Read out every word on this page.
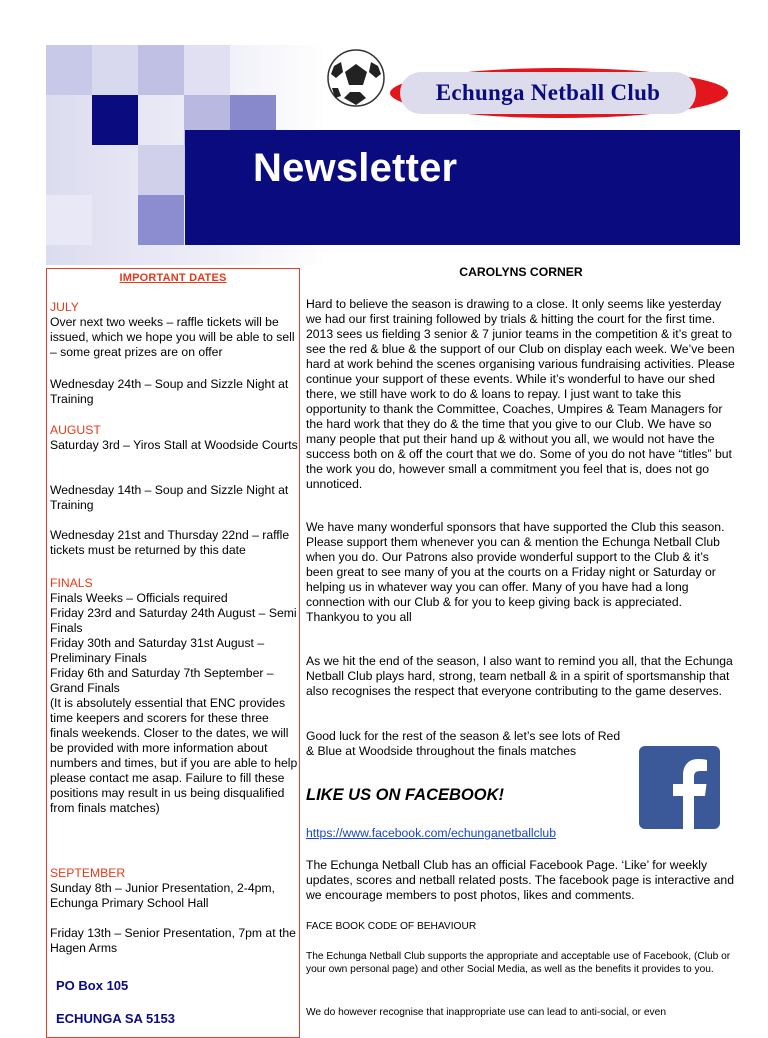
Echunga Netball Club
Newsletter
IMPORTANT DATES

JULY

Over next two weeks – raffle tickets will be issued, which we hope you will be able to sell – some great prizes are on offer

Wednesday 24th – Soup and Sizzle Night at Training

AUGUST

Saturday 3rd – Yiros Stall at Woodside Courts

Wednesday 14th – Soup and Sizzle Night at Training

Wednesday 21st and Thursday 22nd – raffle tickets must be returned by this date

FINALS

Finals Weeks – Officials required

Friday 23rd and Saturday 24th August – Semi Finals

Friday 30th and Saturday 31st August – Preliminary Finals

Friday 6th and Saturday 7th September – Grand Finals

(It is absolutely essential that ENC provides time keepers and scorers for these three finals weekends. Closer to the dates, we will be provided with more information about numbers and times, but if you are able to help please contact me asap. Failure to fill these positions may result in us being disqualified from finals matches)

SEPTEMBER

Sunday 8th – Junior Presentation, 2-4pm, Echunga Primary School Hall

Friday 13th – Senior Presentation, 7pm at the Hagen Arms

PO Box 105
ECHUNGA SA 5153
CAROLYNS CORNER

Hard to believe the season is drawing to a close. It only seems like yesterday we had our first training followed by trials & hitting the court for the first time. 2013 sees us fielding 3 senior & 7 junior teams in the competition & it’s great to see the red & blue & the support of our Club on display each week. We’ve been hard at work behind the scenes organising various fundraising activities. Please continue your support of these events. While it’s wonderful to have our shed there, we still have work to do & loans to repay. I just want to take this opportunity to thank the Committee, Coaches, Umpires & Team Managers for the hard work that they do & the time that you give to our Club. We have so many people that put their hand up & without you all, we would not have the success both on & off the court that we do. Some of you do not have “titles” but the work you do, however small a commitment you feel that is, does not go unnoticed.

We have many wonderful sponsors that have supported the Club this season. Please support them whenever you can & mention the Echunga Netball Club when you do. Our Patrons also provide wonderful support to the Club & it’s been great to see many of you at the courts on a Friday night or Saturday or helping us in whatever way you can offer. Many of you have had a long connection with our Club & for you to keep giving back is appreciated. Thankyou to you all

As we hit the end of the season, I also want to remind you all, that the Echunga Netball Club plays hard, strong, team netball & in a spirit of sportsmanship that also recognises the respect that everyone contributing to the game deserves.

Good luck for the rest of the season & let’s see lots of Red & Blue at Woodside throughout the finals matches

LIKE US ON FACEBOOK!
https://www.facebook.com/echunganetballclub

The Echunga Netball Club has an official Facebook Page. ‘Like’ for weekly updates, scores and netball related posts. The facebook page is interactive and we encourage members to post photos, likes and comments.

FACE BOOK CODE OF BEHAVIOUR

The Echunga Netball Club supports the appropriate and acceptable use of Facebook, (Club or your own personal page) and other Social Media, as well as the benefits it provides to you.

We do however recognise that inappropriate use can lead to anti-social, or even
